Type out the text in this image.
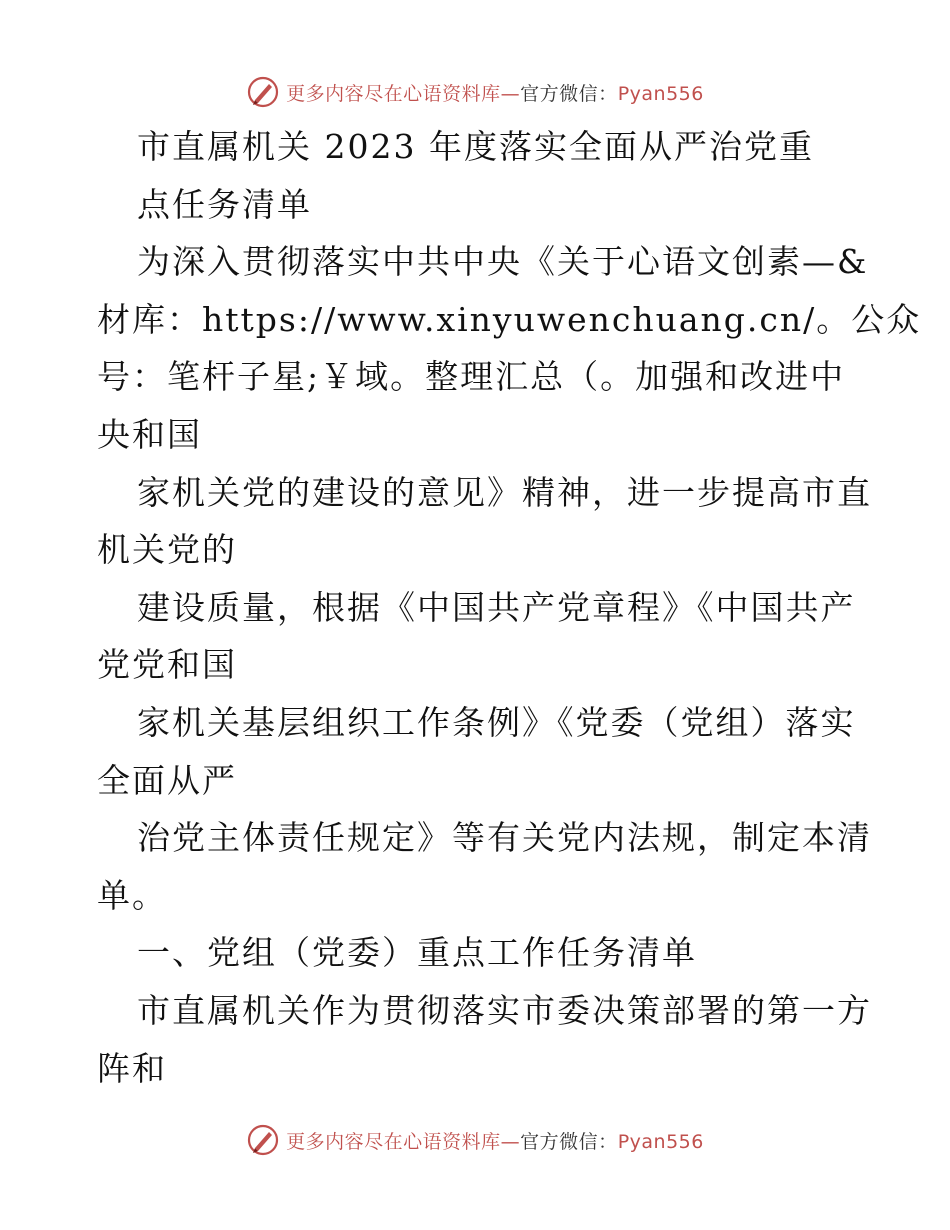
更多内容尽在心语资料库—官方微信：Pyan556
市直属机关 2023 年度落实全面从严治党重
点任务清单
为深入贯彻落实中共中央《关于心语文创素—&
材库：https://www.xinyuwenchuang.cn/。公众
号：笔杆子星;￥域。整理汇总（。加强和改进中
央和国
家机关党的建设的意见》精神，进一步提高市直
机关党的
建设质量，根据《中国共产党章程》《中国共产
党党和国
家机关基层组织工作条例》《党委（党组）落实
全面从严
治党主体责任规定》等有关党内法规，制定本清
单。
一、党组（党委）重点工作任务清单
市直属机关作为贯彻落实市委决策部署的第一方
阵和
更多内容尽在心语资料库—官方微信：Pyan556
